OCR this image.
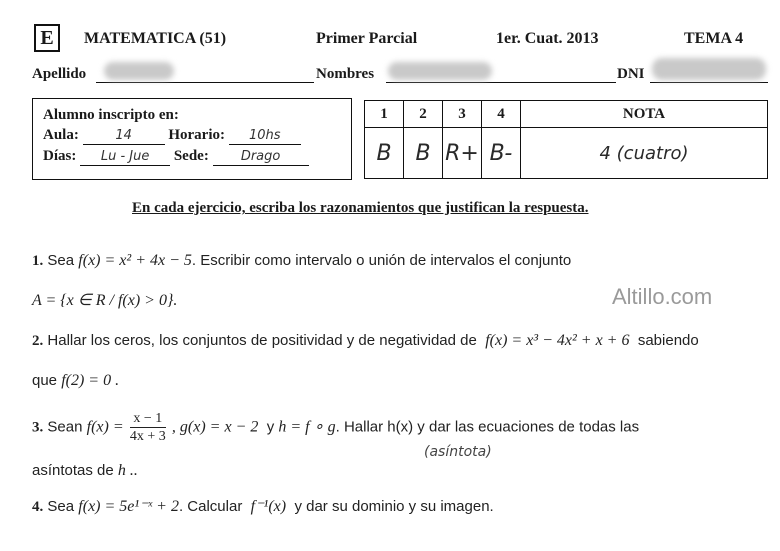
E	MATEMATICA (51)	Primer Parcial	1er. Cuat. 2013	TEMA 4
Apellido	Nombres	DNI
Alumno inscripto en:
Aula:	14 Horario: 10hs
Días: Lu - Jue Sede: Drago
1	2	3	4	NOTA
B	B	R+	B-	4 (cuatro)
En cada ejercicio, escriba los razonamientos que justifican la respuesta.
1. Sea f(x) = x² + 4x − 5. Escribir como intervalo o unión de intervalos el conjunto
A = {x ∈ R / f(x) > 0}.	Altillo.com
2. Hallar los ceros, los conjuntos de positividad y de negatividad de f(x) = x³ − 4x² + x + 6 sabiendo
que f(2) = 0 .
3. Sean $f(x) = \frac{x - 1}{4x + 3}$ , g(x) = x − 2 y h = f ∘ g. Hallar h(x) y dar las ecuaciones de todas las
asíntotas de h ..
(asíntota)
4. Sea f(x) = 5e¹⁻ˣ + 2. Calcular f⁻¹(x) y dar su dominio y su imagen.
